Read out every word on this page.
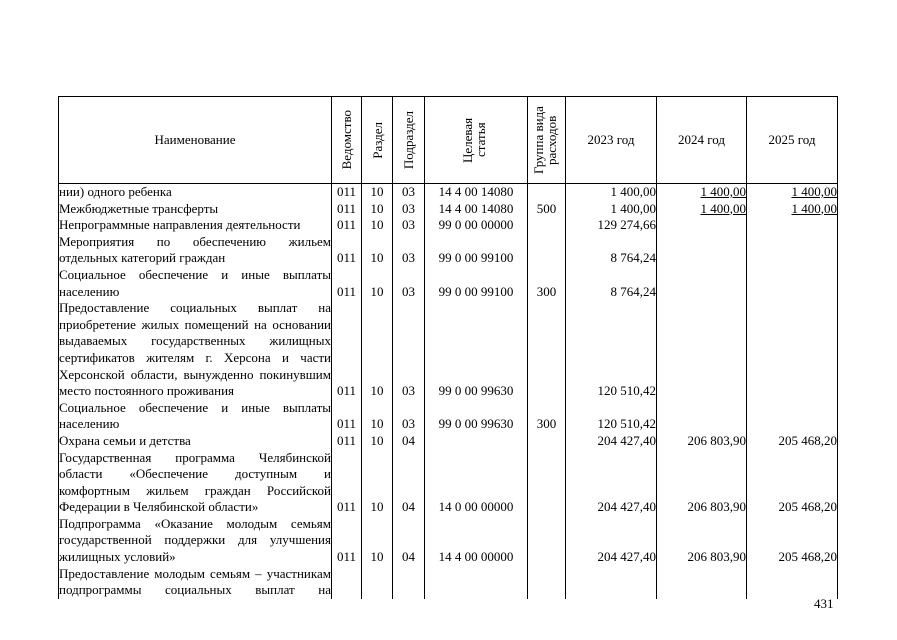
Наименование	Ведомство	Раздел	Подраздел	Целевая статья	Группа вида расходов	2023 год	2024 год	2025 год
нии) одного ребенка	011	10	03	14 4 00 14080		1 400,00	1 400,00	1 400,00
Межбюджетные трансферты	011	10	03	14 4 00 14080	500	1 400,00	1 400,00	1 400,00
Непрограммные направления деятельности	011	10	03	99 0 00 00000		129 274,66		
Мероприятия по обеспечению жильем отдельных категорий граждан	011	10	03	99 0 00 99100		8 764,24		
Социальное обеспечение и иные выплаты населению	011	10	03	99 0 00 99100	300	8 764,24		
Предоставление социальных выплат на приобретение жилых помещений на основании выдаваемых государственных жилищных сертификатов жителям г. Херсона и части Херсонской области, вынужденно покинувшим место постоянного проживания	011	10	03	99 0 00 99630		120 510,42		
Социальное обеспечение и иные выплаты населению	011	10	03	99 0 00 99630	300	120 510,42		
Охрана семьи и детства	011	10	04			204 427,40	206 803,90	205 468,20
Государственная программа Челябинской области «Обеспечение доступным и комфортным жильем граждан Российской Федерации в Челябинской области»	011	10	04	14 0 00 00000		204 427,40	206 803,90	205 468,20
Подпрограмма «Оказание молодым семьям государственной поддержки для улучшения жилищных условий»	011	10	04	14 4 00 00000		204 427,40	206 803,90	205 468,20
Предоставление молодым семьям – участникам подпрограммы социальных выплат на								
431
